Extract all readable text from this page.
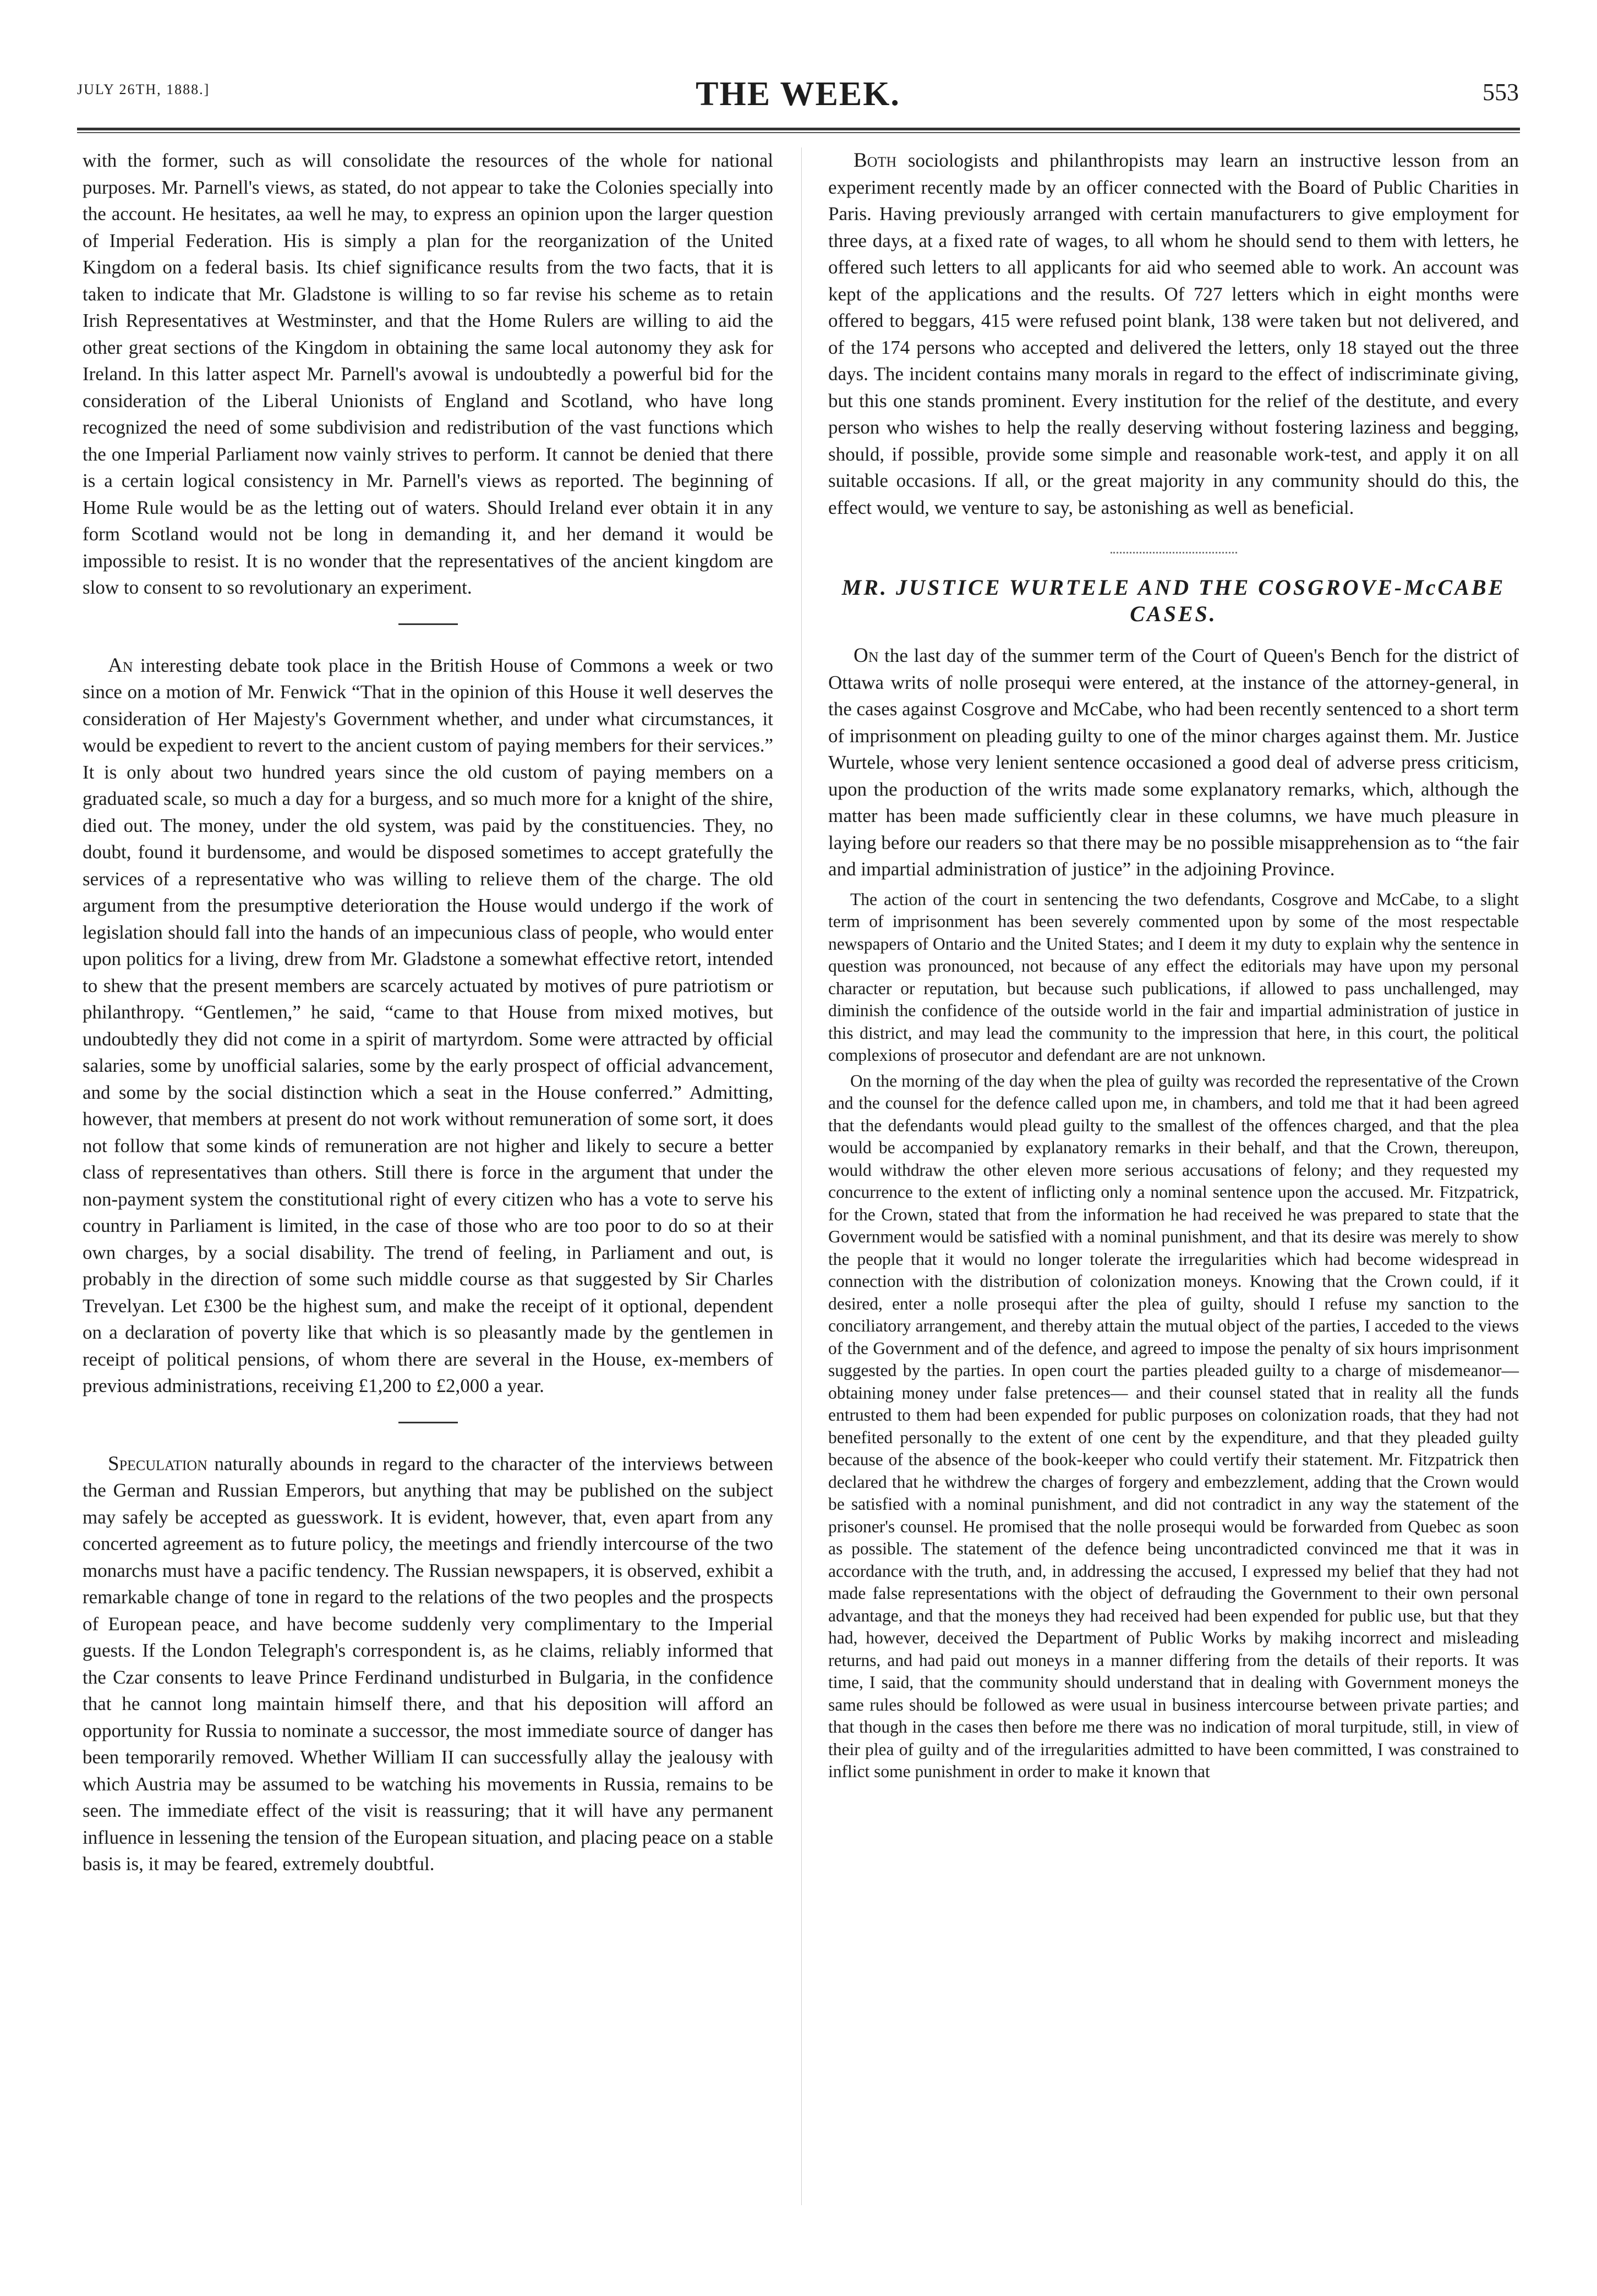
JULY 26TH, 1888.]	THE WEEK.	553

with the former, such as will consolidate the resources of the whole for national purposes. Mr. Parnell's views, as stated, do not appear to take the Colonies specially into the account. He hesitates, aa well he may, to express an opinion upon the larger question of Imperial Federation. His is simply a plan for the reorganization of the United Kingdom on a federal basis. Its chief significance results from the two facts, that it is taken to indicate that Mr. Gladstone is willing to so far revise his scheme as to retain Irish Representatives at Westminster, and that the Home Rulers are willing to aid the other great sections of the Kingdom in obtaining the same local autonomy they ask for Ireland. In this latter aspect Mr. Parnell's avowal is undoubtedly a powerful bid for the consideration of the Liberal Unionists of England and Scotland, who have long recognized the need of some subdivision and redistribution of the vast functions which the one Imperial Parliament now vainly strives to perform. It cannot be denied that there is a certain logical consistency in Mr. Parnell's views as reported. The beginning of Home Rule would be as the letting out of waters. Should Ireland ever obtain it in any form Scotland would not be long in demanding it, and her demand it would be impossible to resist. It is no wonder that the representatives of the ancient kingdom are slow to consent to so revolutionary an experiment.

An interesting debate took place in the British House of Commons a week or two since on a motion of Mr. Fenwick “That in the opinion of this House it well deserves the consideration of Her Majesty's Government whether, and under what circumstances, it would be expedient to revert to the ancient custom of paying members for their services.” It is only about two hundred years since the old custom of paying members on a graduated scale, so much a day for a burgess, and so much more for a knight of the shire, died out. The money, under the old system, was paid by the constituencies. They, no doubt, found it burdensome, and would be disposed sometimes to accept gratefully the services of a representative who was willing to relieve them of the charge. The old argument from the presumptive deterioration the House would undergo if the work of legislation should fall into the hands of an impecunious class of people, who would enter upon politics for a living, drew from Mr. Gladstone a somewhat effective retort, intended to shew that the present members are scarcely actuated by motives of pure patriotism or philanthropy. “Gentlemen,” he said, “came to that House from mixed motives, but undoubtedly they did not come in a spirit of martyrdom. Some were attracted by official salaries, some by unofficial salaries, some by the early prospect of official advancement, and some by the social distinction which a seat in the House conferred.” Admitting, however, that members at present do not work without remuneration of some sort, it does not follow that some kinds of remuneration are not higher and likely to secure a better class of representatives than others. Still there is force in the argument that under the non-payment system the constitutional right of every citizen who has a vote to serve his country in Parliament is limited, in the case of those who are too poor to do so at their own charges, by a social disability. The trend of feeling, in Parliament and out, is probably in the direction of some such middle course as that suggested by Sir Charles Trevelyan. Let £300 be the highest sum, and make the receipt of it optional, dependent on a declaration of poverty like that which is so pleasantly made by the gentlemen in receipt of political pensions, of whom there are several in the House, ex-members of previous administrations, receiving £1,200 to £2,000 a year.

Speculation naturally abounds in regard to the character of the interviews between the German and Russian Emperors, but anything that may be published on the subject may safely be accepted as guesswork. It is evident, however, that, even apart from any concerted agreement as to future policy, the meetings and friendly intercourse of the two monarchs must have a pacific tendency. The Russian newspapers, it is observed, exhibit a remarkable change of tone in regard to the relations of the two peoples and the prospects of European peace, and have become suddenly very complimentary to the Imperial guests. If the London Telegraph's correspondent is, as he claims, reliably informed that the Czar consents to leave Prince Ferdinand undisturbed in Bulgaria, in the confidence that he cannot long maintain himself there, and that his deposition will afford an opportunity for Russia to nominate a successor, the most immediate source of danger has been temporarily removed. Whether William II can successfully allay the jealousy with which Austria may be assumed to be watching his movements in Russia, remains to be seen. The immediate effect of the visit is reassuring; that it will have any permanent influence in lessening the tension of the European situation, and placing peace on a stable basis is, it may be feared, extremely doubtful.

Both sociologists and philanthropists may learn an instructive lesson from an experiment recently made by an officer connected with the Board of Public Charities in Paris. Having previously arranged with certain manufacturers to give employment for three days, at a fixed rate of wages, to all whom he should send to them with letters, he offered such letters to all applicants for aid who seemed able to work. An account was kept of the applications and the results. Of 727 letters which in eight months were offered to beggars, 415 were refused point blank, 138 were taken but not delivered, and of the 174 persons who accepted and delivered the letters, only 18 stayed out the three days. The incident contains many morals in regard to the effect of indiscriminate giving, but this one stands prominent. Every institution for the relief of the destitute, and every person who wishes to help the really deserving without fostering laziness and begging, should, if possible, provide some simple and reasonable work-test, and apply it on all suitable occasions. If all, or the great majority in any community should do this, the effect would, we venture to say, be astonishing as well as beneficial.

MR. JUSTICE WURTELE AND THE COSGROVE-McCABE CASES.

On the last day of the summer term of the Court of Queen's Bench for the district of Ottawa writs of nolle prosequi were entered, at the instance of the attorney-general, in the cases against Cosgrove and McCabe, who had been recently sentenced to a short term of imprisonment on pleading guilty to one of the minor charges against them. Mr. Justice Wurtele, whose very lenient sentence occasioned a good deal of adverse press criticism, upon the production of the writs made some explanatory remarks, which, although the matter has been made sufficiently clear in these columns, we have much pleasure in laying before our readers so that there may be no possible misapprehension as to “the fair and impartial administration of justice” in the adjoining Province.

The action of the court in sentencing the two defendants, Cosgrove and McCabe, to a slight term of imprisonment has been severely commented upon by some of the most respectable newspapers of Ontario and the United States; and I deem it my duty to explain why the sentence in question was pronounced, not because of any effect the editorials may have upon my personal character or reputation, but because such publications, if allowed to pass unchallenged, may diminish the confidence of the outside world in the fair and impartial administration of justice in this district, and may lead the community to the impression that here, in this court, the political complexions of prosecutor and defendant are are not unknown.

On the morning of the day when the plea of guilty was recorded the representative of the Crown and the counsel for the defence called upon me, in chambers, and told me that it had been agreed that the defendants would plead guilty to the smallest of the offences charged, and that the plea would be accompanied by explanatory remarks in their behalf, and that the Crown, thereupon, would withdraw the other eleven more serious accusations of felony; and they requested my concurrence to the extent of inflicting only a nominal sentence upon the accused. Mr. Fitzpatrick, for the Crown, stated that from the information he had received he was prepared to state that the Government would be satisfied with a nominal punishment, and that its desire was merely to show the people that it would no longer tolerate the irregularities which had become widespread in connection with the distribution of colonization moneys. Knowing that the Crown could, if it desired, enter a nolle prosequi after the plea of guilty, should I refuse my sanction to the conciliatory arrangement, and thereby attain the mutual object of the parties, I acceded to the views of the Government and of the defence, and agreed to impose the penalty of six hours imprisonment suggested by the parties. In open court the parties pleaded guilty to a charge of misdemeanor—obtaining money under false pretences— and their counsel stated that in reality all the funds entrusted to them had been expended for public purposes on colonization roads, that they had not benefited personally to the extent of one cent by the expenditure, and that they pleaded guilty because of the absence of the book-keeper who could vertify their statement. Mr. Fitzpatrick then declared that he withdrew the charges of forgery and embezzlement, adding that the Crown would be satisfied with a nominal punishment, and did not contradict in any way the statement of the prisoner's counsel. He promised that the nolle prosequi would be forwarded from Quebec as soon as possible. The statement of the defence being uncontradicted convinced me that it was in accordance with the truth, and, in addressing the accused, I expressed my belief that they had not made false representations with the object of defrauding the Government to their own personal advantage, and that the moneys they had received had been expended for public use, but that they had, however, deceived the Department of Public Works by makihg incorrect and misleading returns, and had paid out moneys in a manner differing from the details of their reports. It was time, I said, that the community should understand that in dealing with Government moneys the same rules should be followed as were usual in business intercourse between private parties; and that though in the cases then before me there was no indication of moral turpitude, still, in view of their plea of guilty and of the irregularities admitted to have been committed, I was constrained to inflict some punishment in order to make it known that
